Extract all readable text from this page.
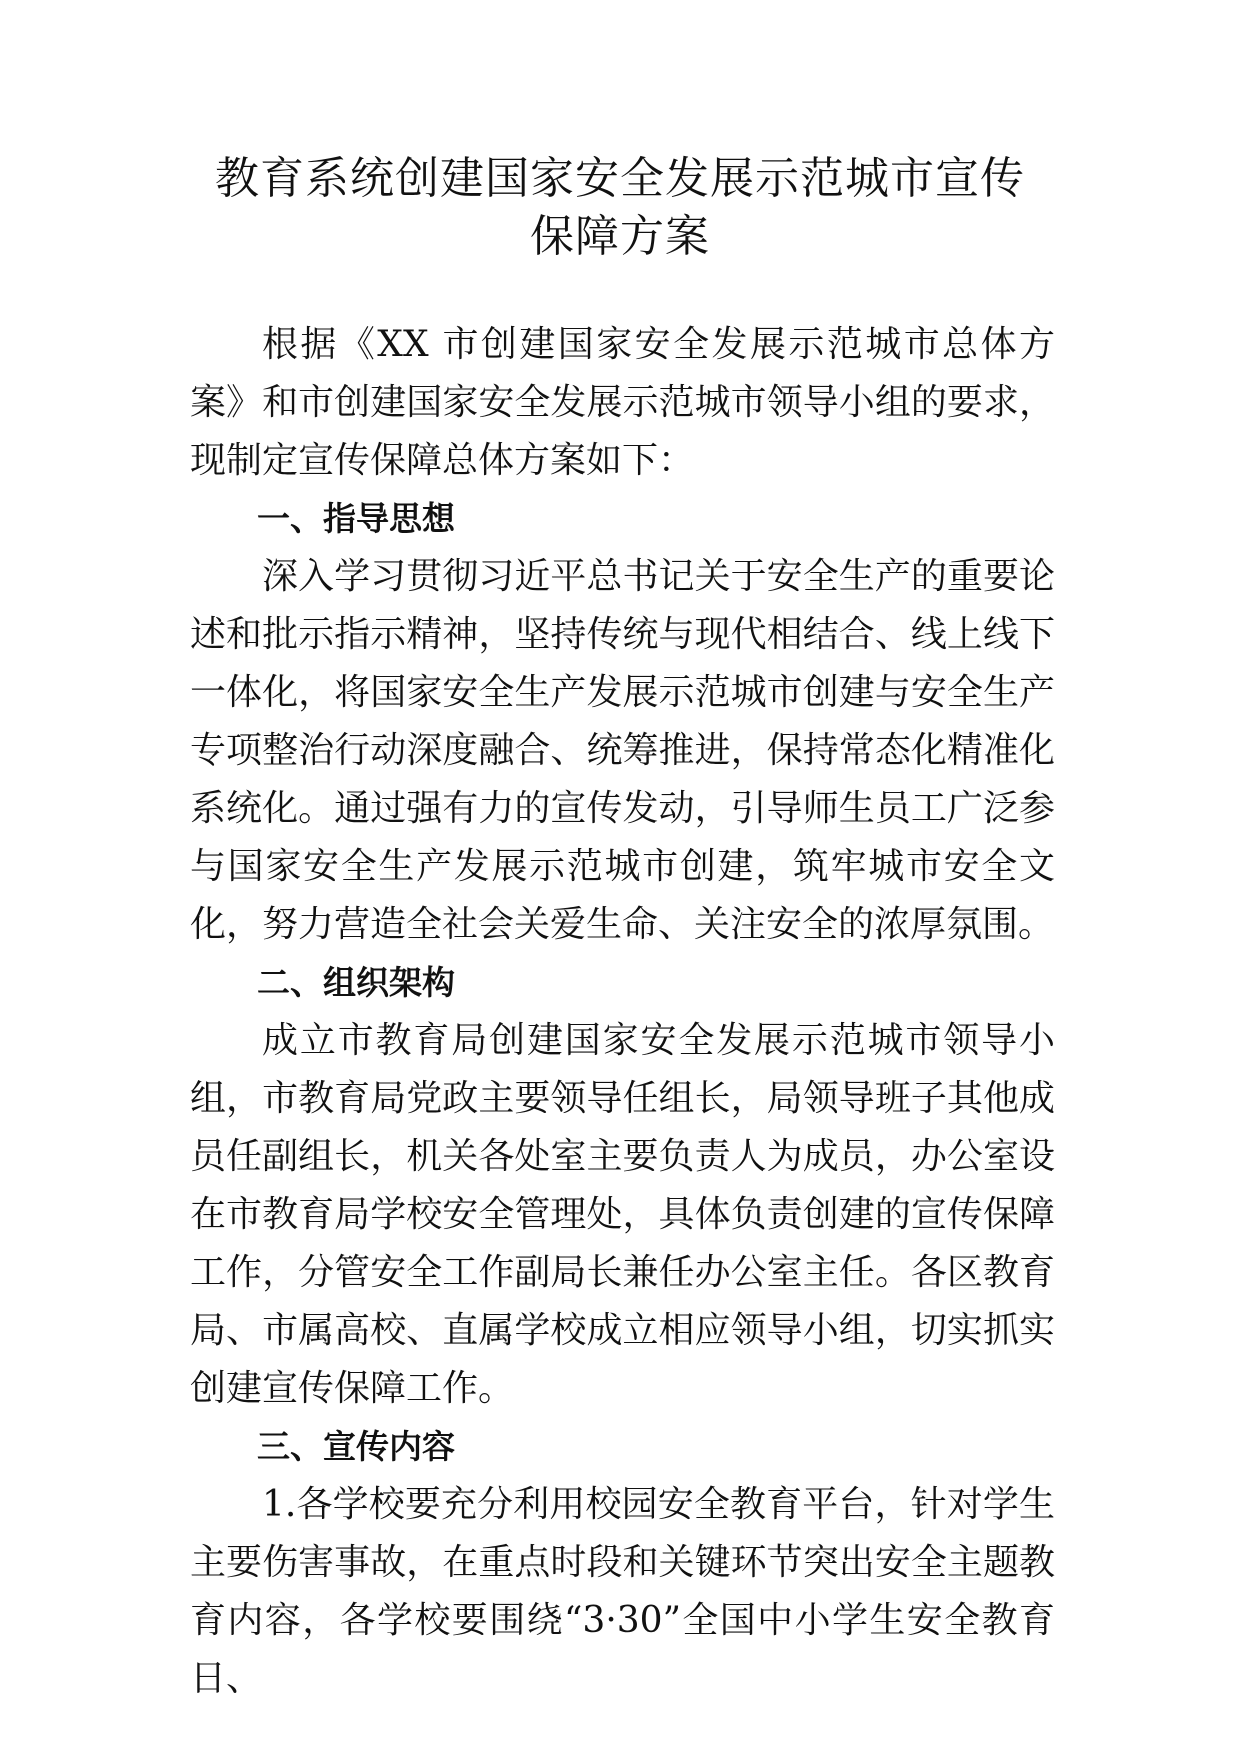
教育系统创建国家安全发展示范城市宣传
保障方案

根据《XX 市创建国家安全发展示范城市总体方案》和市创建国家安全发展示范城市领导小组的要求，现制定宣传保障总体方案如下：

一、指导思想

深入学习贯彻习近平总书记关于安全生产的重要论述和批示指示精神，坚持传统与现代相结合、线上线下一体化，将国家安全生产发展示范城市创建与安全生产专项整治行动深度融合、统筹推进，保持常态化精准化系统化。通过强有力的宣传发动，引导师生员工广泛参与国家安全生产发展示范城市创建，筑牢城市安全文化，努力营造全社会关爱生命、关注安全的浓厚氛围。

二、组织架构

成立市教育局创建国家安全发展示范城市领导小组，市教育局党政主要领导任组长，局领导班子其他成员任副组长，机关各处室主要负责人为成员，办公室设在市教育局学校安全管理处，具体负责创建的宣传保障工作，分管安全工作副局长兼任办公室主任。各区教育局、市属高校、直属学校成立相应领导小组，切实抓实创建宣传保障工作。

三、宣传内容

1.各学校要充分利用校园安全教育平台，针对学生主要伤害事故，在重点时段和关键环节突出安全主题教育内容，各学校要围绕“3·30”全国中小学生安全教育日、
